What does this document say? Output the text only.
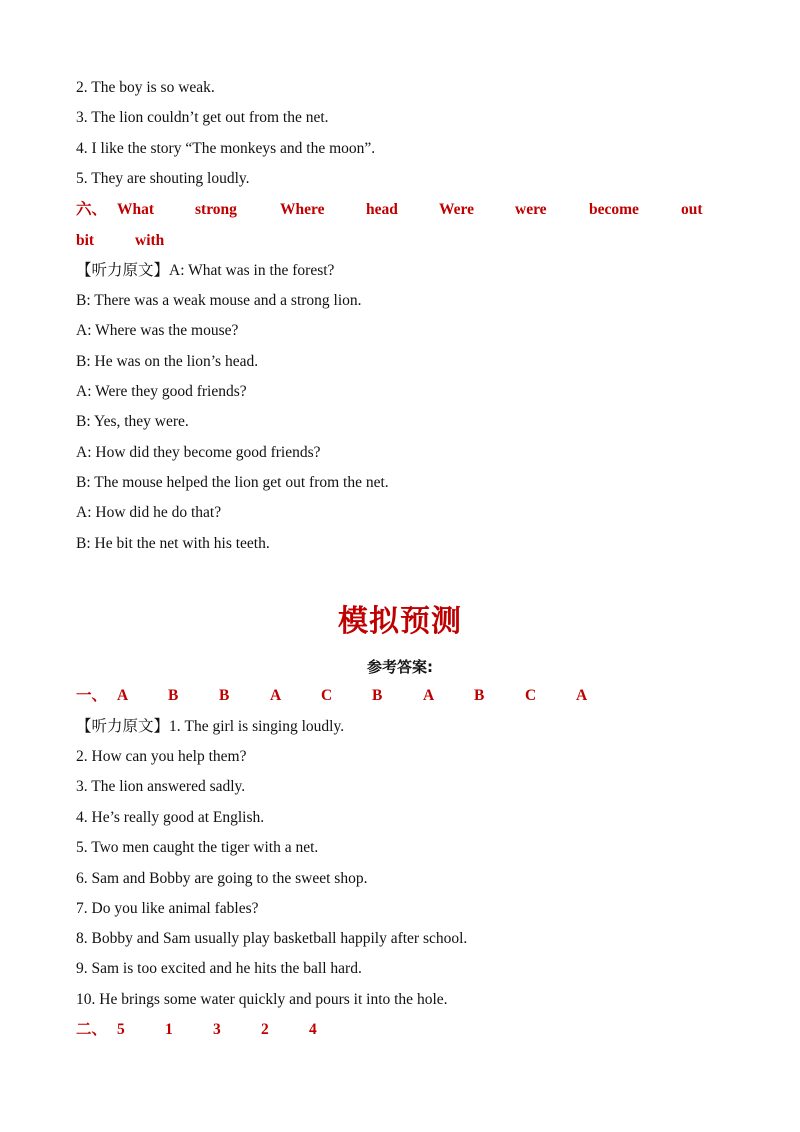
2. The boy is so weak.
3. The lion couldn’t get out from the net.
4. I like the story “The monkeys and the moon”.
5. They are shouting loudly.
六、 What	strong	Where	head	Were	were	become	out
bit	with
【听力原文】A: What was in the forest?
B: There was a weak mouse and a strong lion.
A: Where was the mouse?
B: He was on the lion’s head.
A: Were they good friends?
B: Yes, they were.
A: How did they become good friends?
B: The mouse helped the lion get out from the net.
A: How did he do that?
B: He bit the net with his teeth.
模拟预测
参考答案:
一、 A	B	B	A	C	B	A	B	C	A
【听力原文】1. The girl is singing loudly.
2. How can you help them?
3. The lion answered sadly.
4. He’s really good at English.
5. Two men caught the tiger with a net.
6. Sam and Bobby are going to the sweet shop.
7. Do you like animal fables?
8. Bobby and Sam usually play basketball happily after school.
9. Sam is too excited and he hits the ball hard.
10. He brings some water quickly and pours it into the hole.
二、 5	1	3	2	4
